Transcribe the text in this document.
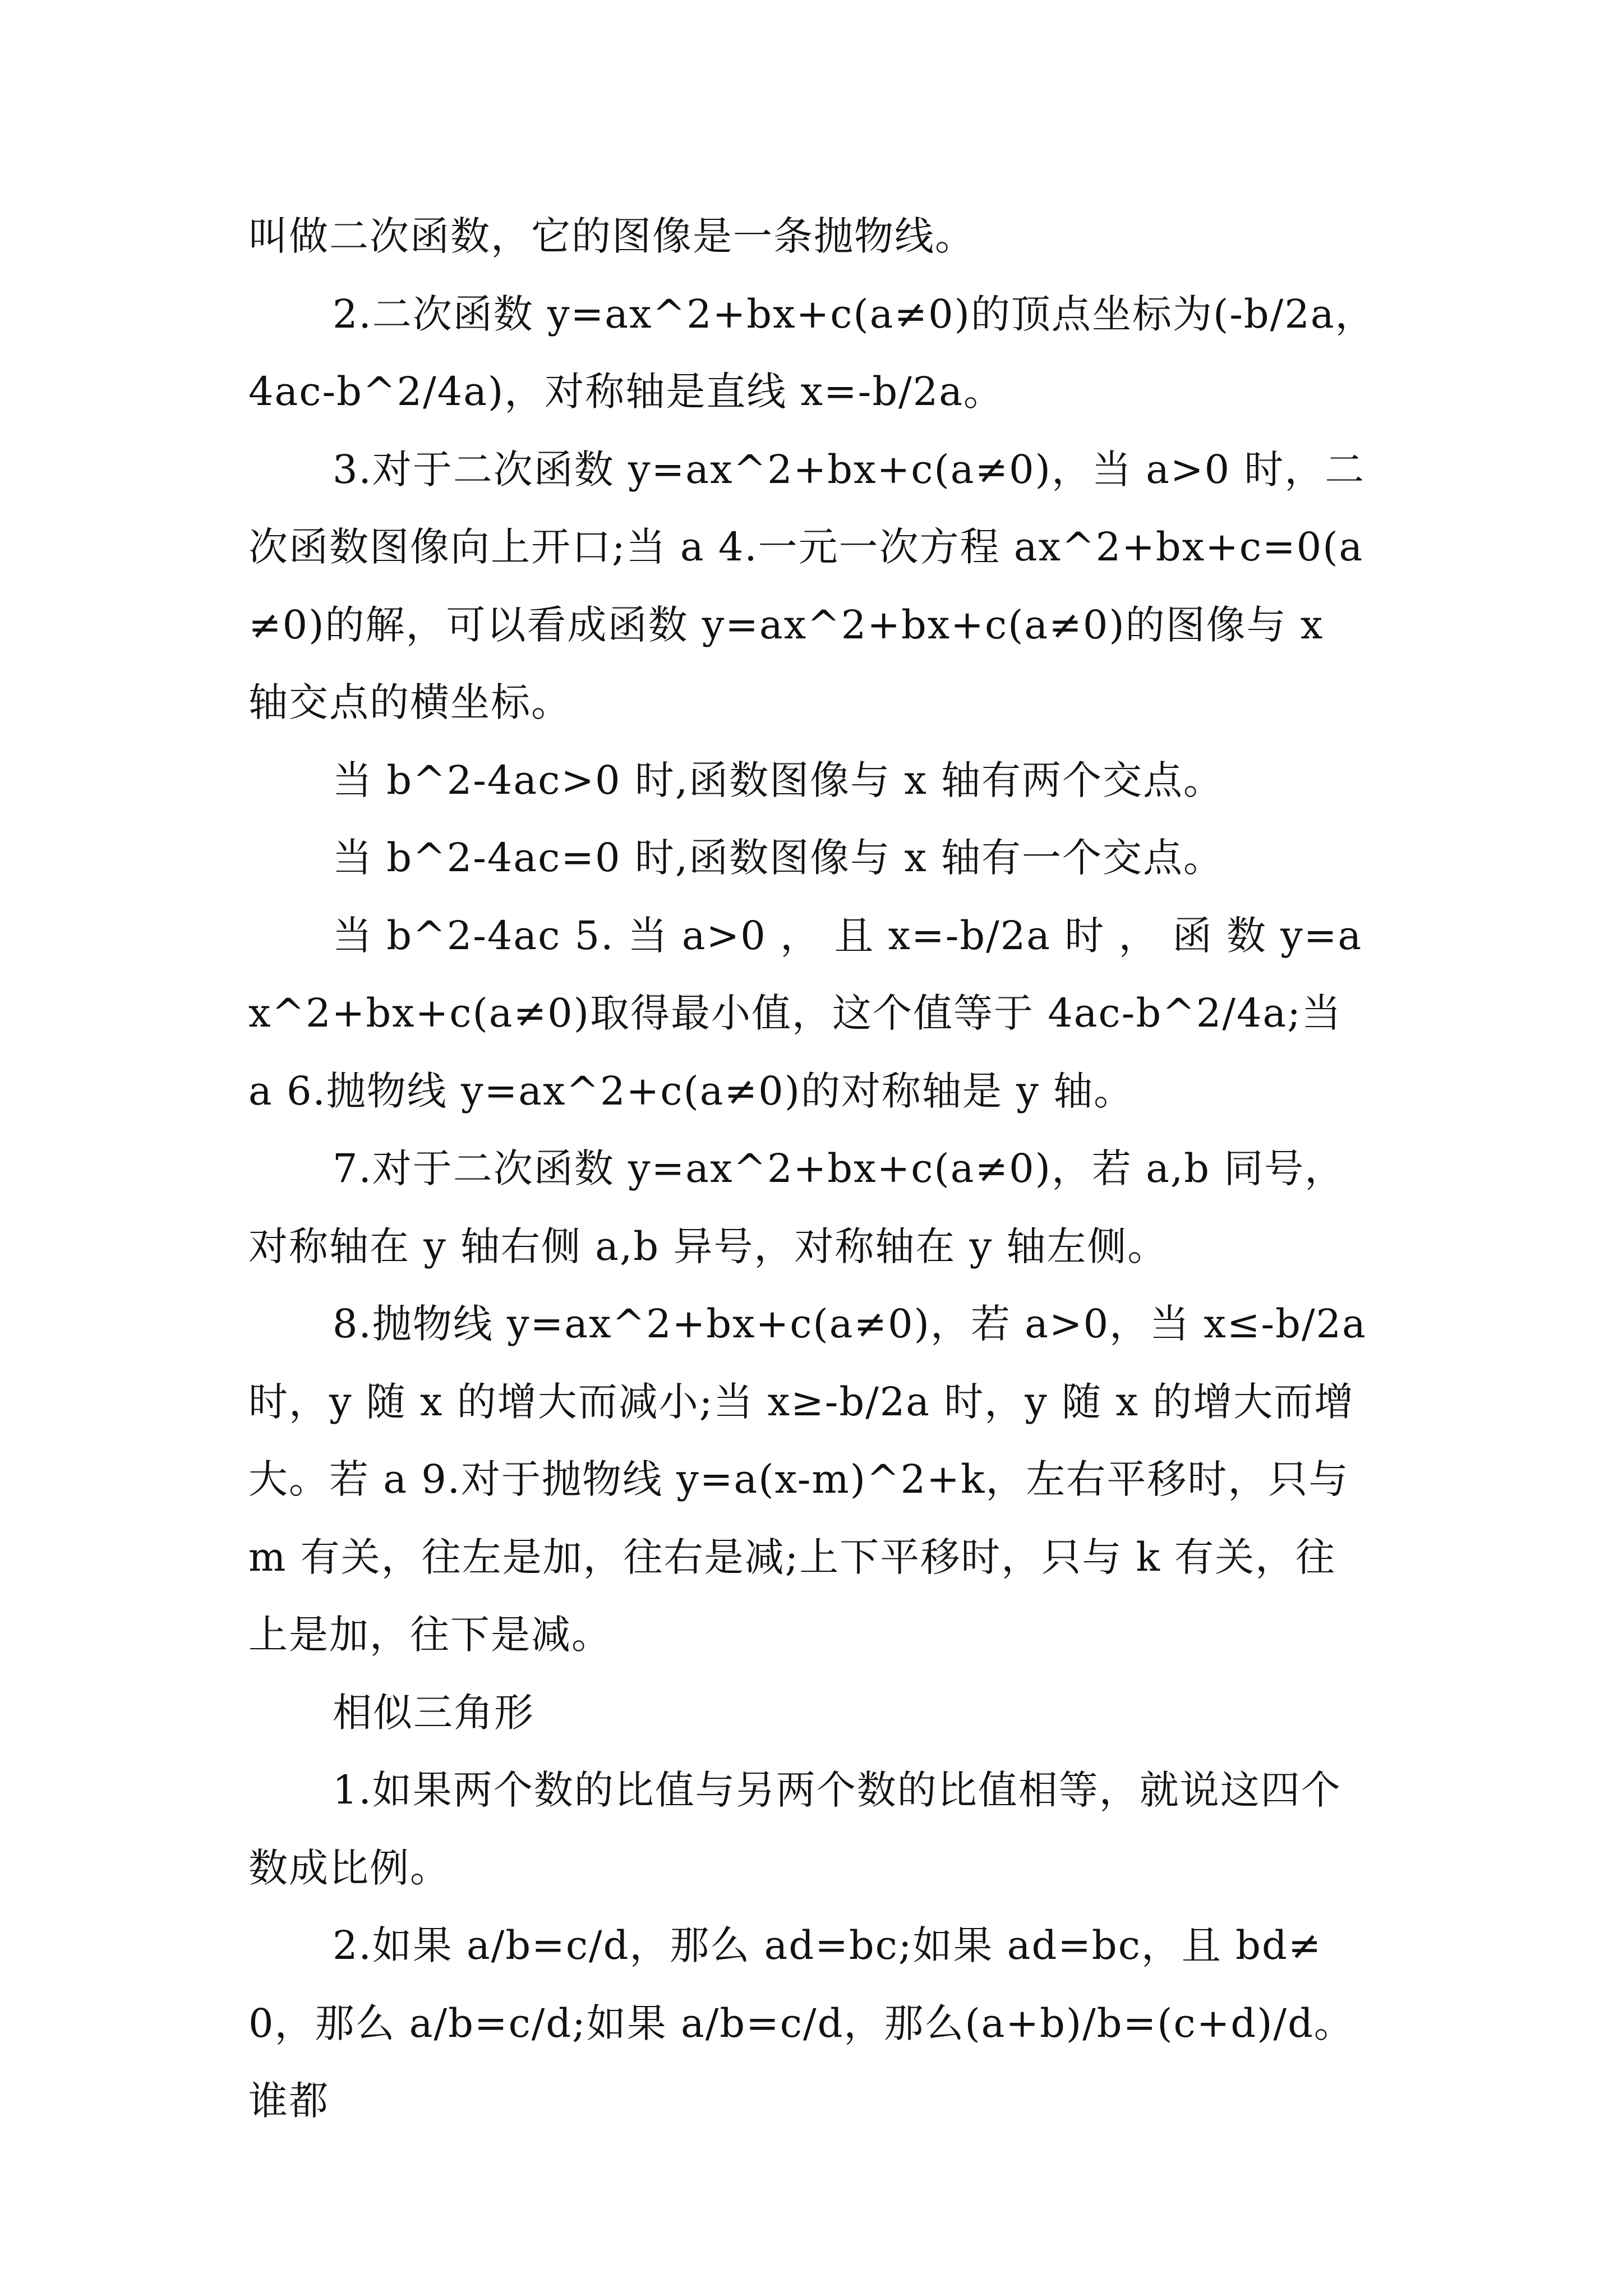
叫做二次函数，它的图像是一条抛物线。

2.二次函数 y=ax^2+bx+c(a≠0)的顶点坐标为(-b/2a，4ac-b^2/4a)，对称轴是直线 x=-b/2a。

3.对于二次函数 y=ax^2+bx+c(a≠0)，当 a>0 时，二次函数图像向上开口;当 a 4.一元一次方程 ax^2+bx+c=0(a≠0)的解，可以看成函数 y=ax^2+bx+c(a≠0)的图像与 x 轴交点的横坐标。

当 b^2-4ac>0 时,函数图像与 x 轴有两个交点。

当 b^2-4ac=0 时,函数图像与 x 轴有一个交点。

当 b^2-4ac 5. 当 a>0 ， 且 x=-b/2a 时 ， 函 数 y=ax^2+bx+c(a≠0)取得最小值，这个值等于 4ac-b^2/4a;当 a 6.抛物线 y=ax^2+c(a≠0)的对称轴是 y 轴。

7.对于二次函数 y=ax^2+bx+c(a≠0)，若 a,b 同号，对称轴在 y 轴右侧 a,b 异号，对称轴在 y 轴左侧。

8.抛物线 y=ax^2+bx+c(a≠0)，若 a>0，当 x≤-b/2a 时，y 随 x 的增大而减小;当 x≥-b/2a 时，y 随 x 的增大而增大。若 a 9.对于抛物线 y=a(x-m)^2+k，左右平移时，只与 m 有关，往左是加，往右是减;上下平移时，只与 k 有关，往上是加，往下是减。

相似三角形

1.如果两个数的比值与另两个数的比值相等，就说这四个数成比例。

2.如果 a/b=c/d，那么 ad=bc;如果 ad=bc，且 bd≠0，那么 a/b=c/d;如果 a/b=c/d，那么(a+b)/b=(c+d)/d。谁都
